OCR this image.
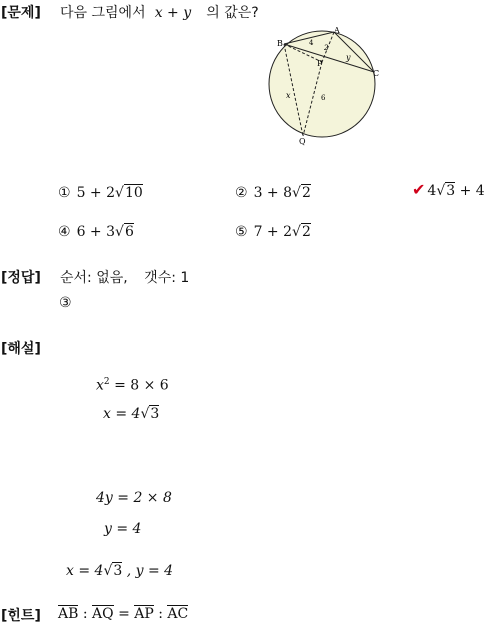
[문제] 다음 그림에서 x + y 의 값은?
A
B
P
C
Q
4
2
y
x	6
① 5 + 2√10	② 3 + 8√2	✔ 4√3 + 4
④ 6 + 3√6	⑤ 7 + 2√2
[정답] 순서: 없음, 갯수: 1
③
[해설]
$x^2 = 8 \times 6$
x = 4√3
4y = 2 × 8
y = 4
x = 4√3 , y = 4
[힌트] AB : AQ = AP : AC
